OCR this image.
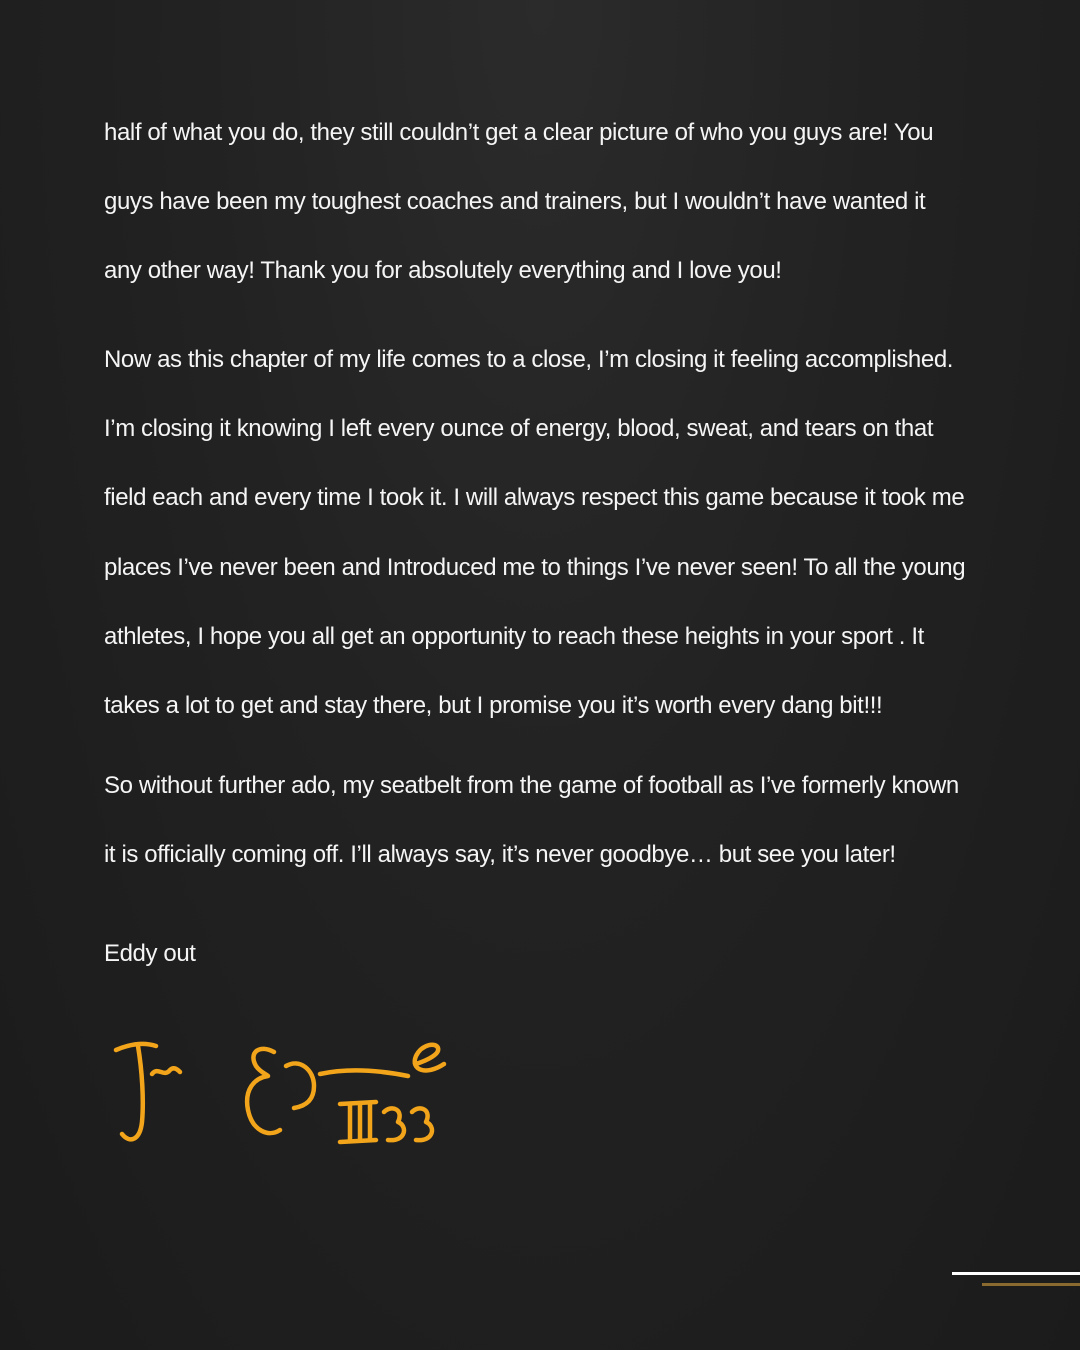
half of what you do, they still couldn’t get a clear picture of who you guys are! You
guys have been my toughest coaches and trainers, but I wouldn’t have wanted it
any other way! Thank you for absolutely everything and I love you!
Now as this chapter of my life comes to a close, I’m closing it feeling accomplished.
I’m closing it knowing I left every ounce of energy, blood, sweat, and tears on that
field each and every time I took it. I will always respect this game because it took me
places I’ve never been and Introduced me to things I’ve never seen! To all the young
athletes, I hope you all get an opportunity to reach these heights in your sport . It
takes a lot to get and stay there, but I promise you it’s worth every dang bit!!!
So without further ado, my seatbelt from the game of football as I’ve formerly known
it is officially coming off. I’ll always say, it’s never goodbye… but see you later!
Eddy out
